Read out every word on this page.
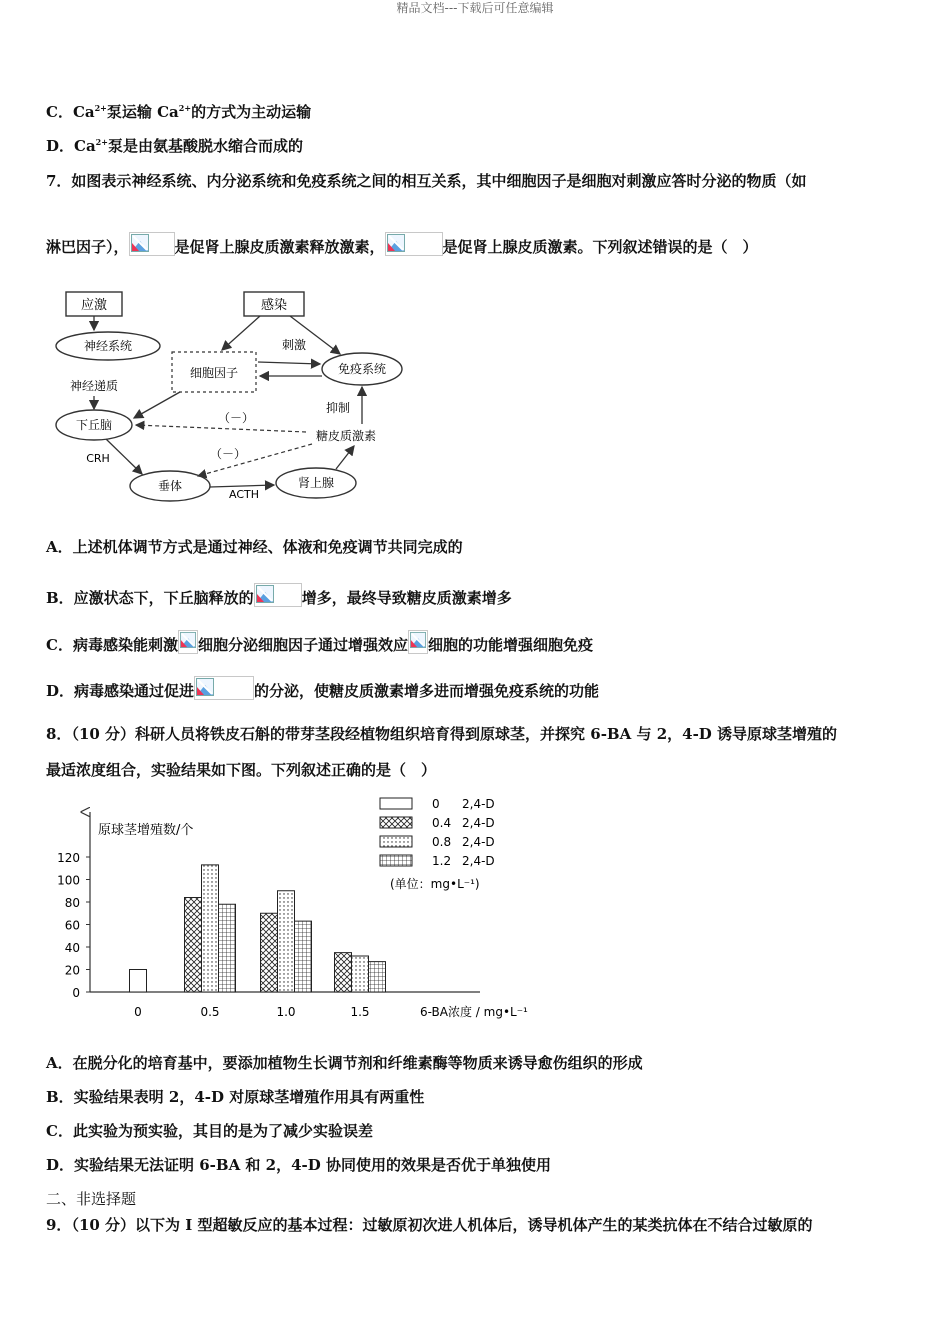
精品文档---下载后可任意编辑
C．$Ca^{2+}$泵运输 $Ca^{2+}$的方式为主动运输
D．$Ca^{2+}$泵是由氨基酸脱水缩合而成的
7．如图表示神经系统、内分泌系统和免疫系统之间的相互关系，其中细胞因子是细胞对刺激应答时分泌的物质（如
淋巴因子），	是促肾上腺皮质激素释放激素，	是促肾上腺皮质激素。下列叙述错误的是（　）
应激	感染
神经系统
细胞因子	免疫系统
神经递质
刺激
抑制
（－）
（－）
下丘脑
糖皮质激素
CRH
垂体
ACTH
肾上腺
A．上述机体调节方式是通过神经、体液和免疫调节共同完成的
B．应激状态下，下丘脑释放的	增多，最终导致糖皮质激素增多
C．病毒感染能刺激 细胞分泌细胞因子通过增强效应 细胞的功能增强细胞免疫
D．病毒感染通过促进	的分泌，使糖皮质激素增多进而增强免疫系统的功能
8．（10 分）科研人员将铁皮石斛的带芽茎段经植物组织培育得到原球茎，并探究 6-BA 与 2，4-D 诱导原球茎增殖的
最适浓度组合，实验结果如下图。下列叙述正确的是（　）
原球茎增殖数/个
120
100
80
60
40
20
0
0	0.5	1.0	1.5	6-BA浓度 / mg•L⁻¹
0 2,4-D
0.4 2,4-D
0.8 2,4-D
1.2 2,4-D
(单位：mg•L⁻¹)
A．在脱分化的培育基中，要添加植物生长调节剂和纤维素酶等物质来诱导愈伤组织的形成
B．实验结果表明 2，4-D 对原球茎增殖作用具有两重性
C．此实验为预实验，其目的是为了减少实验误差
D．实验结果无法证明 6-BA 和 2，4-D 协同使用的效果是否优于单独使用
二、非选择题
9．（10 分）以下为 I 型超敏反应的基本过程：过敏原初次进人机体后，诱导机体产生的某类抗体在不结合过敏原的
